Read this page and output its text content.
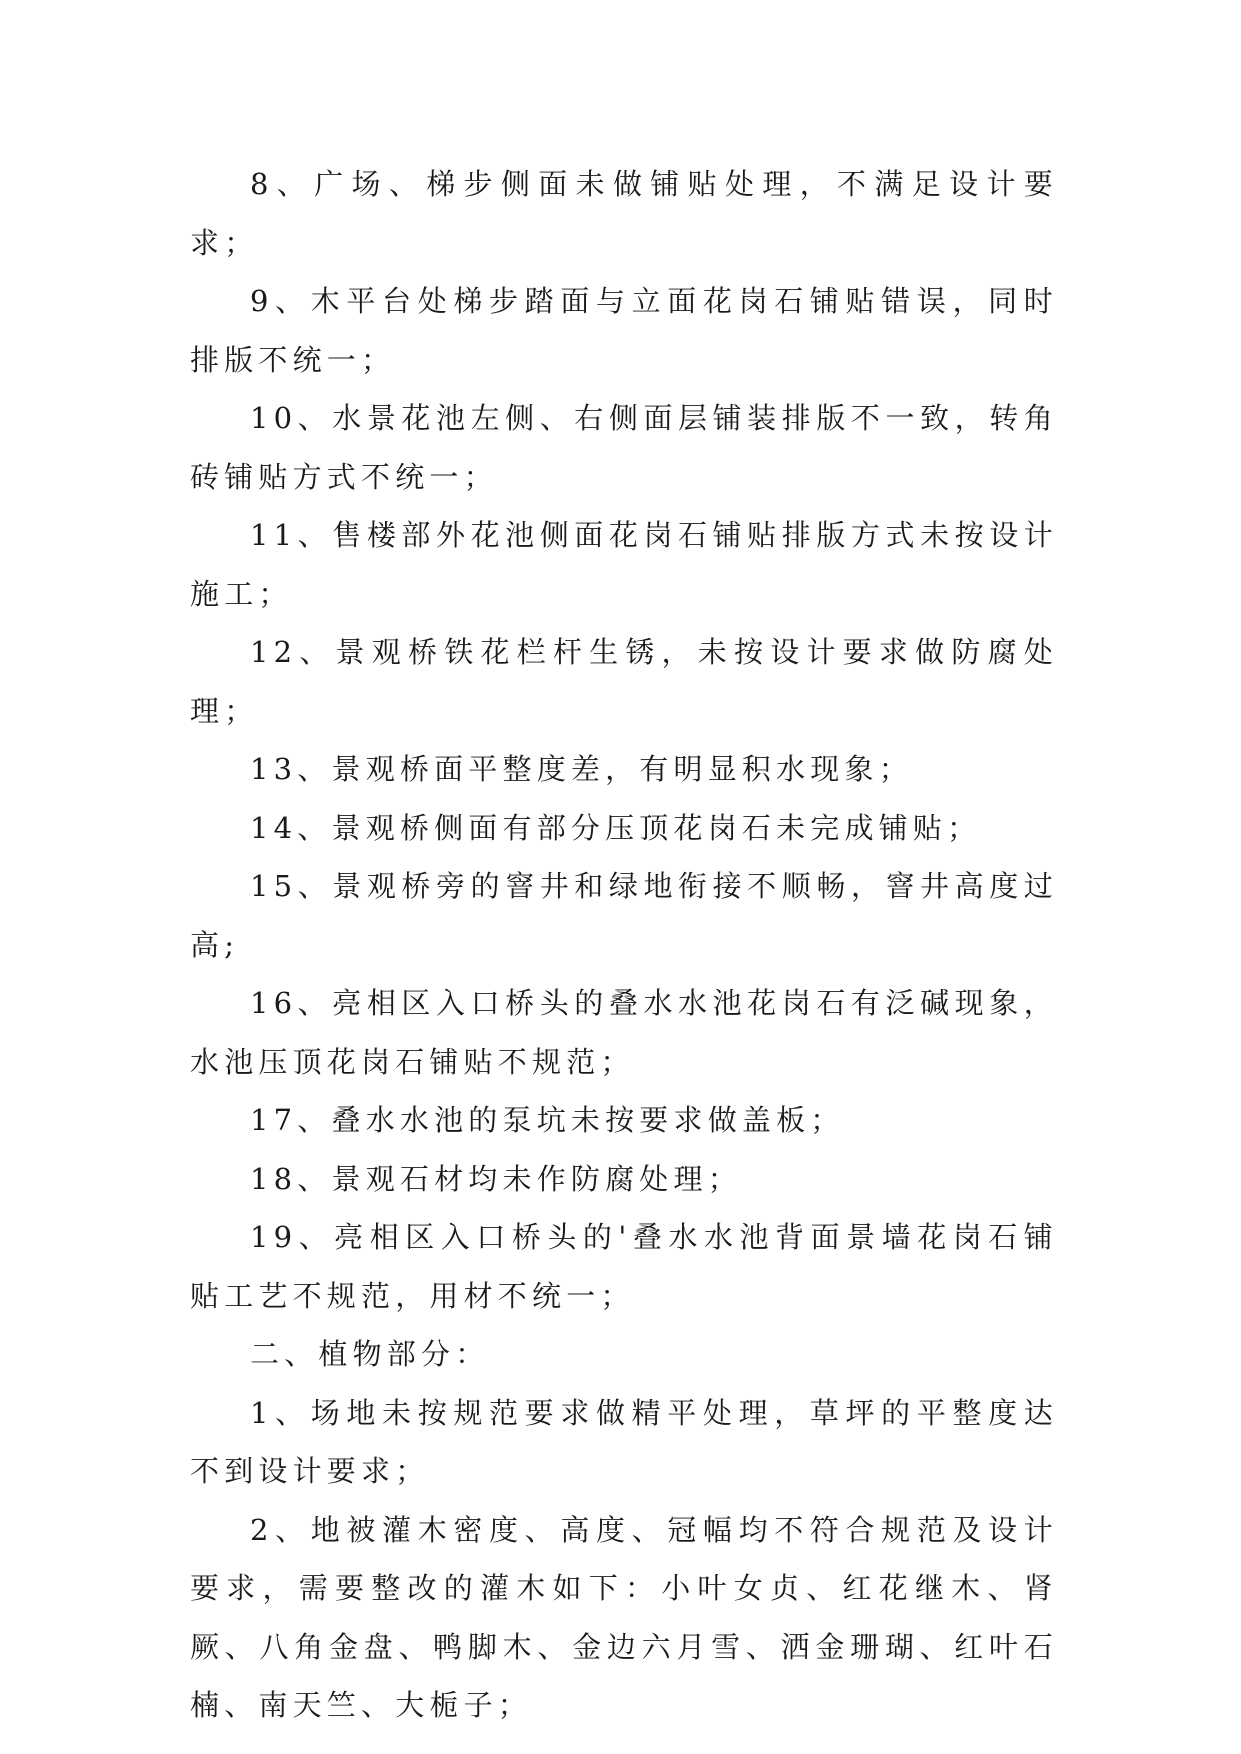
8、广场、梯步侧面未做铺贴处理，不满足设计要求；

9、木平台处梯步踏面与立面花岗石铺贴错误，同时排版不统一；

10、水景花池左侧、右侧面层铺装排版不一致，转角砖铺贴方式不统一；

11、售楼部外花池侧面花岗石铺贴排版方式未按设计施工；

12、景观桥铁花栏杆生锈，未按设计要求做防腐处理；

13、景观桥面平整度差，有明显积水现象；

14、景观桥侧面有部分压顶花岗石未完成铺贴；

15、景观桥旁的窨井和绿地衔接不顺畅，窨井高度过高;

16、亮相区入口桥头的叠水水池花岗石有泛碱现象，水池压顶花岗石铺贴不规范；

17、叠水水池的泵坑未按要求做盖板；

18、景观石材均未作防腐处理；

19、亮相区入口桥头的'叠水水池背面景墙花岗石铺贴工艺不规范，用材不统一；

二、植物部分：

1、场地未按规范要求做精平处理，草坪的平整度达不到设计要求；

2、地被灌木密度、高度、冠幅均不符合规范及设计要求，需要整改的灌木如下：小叶女贞、红花继木、肾厥、八角金盘、鸭脚木、金边六月雪、洒金珊瑚、红叶石楠、南天竺、大栀子；
